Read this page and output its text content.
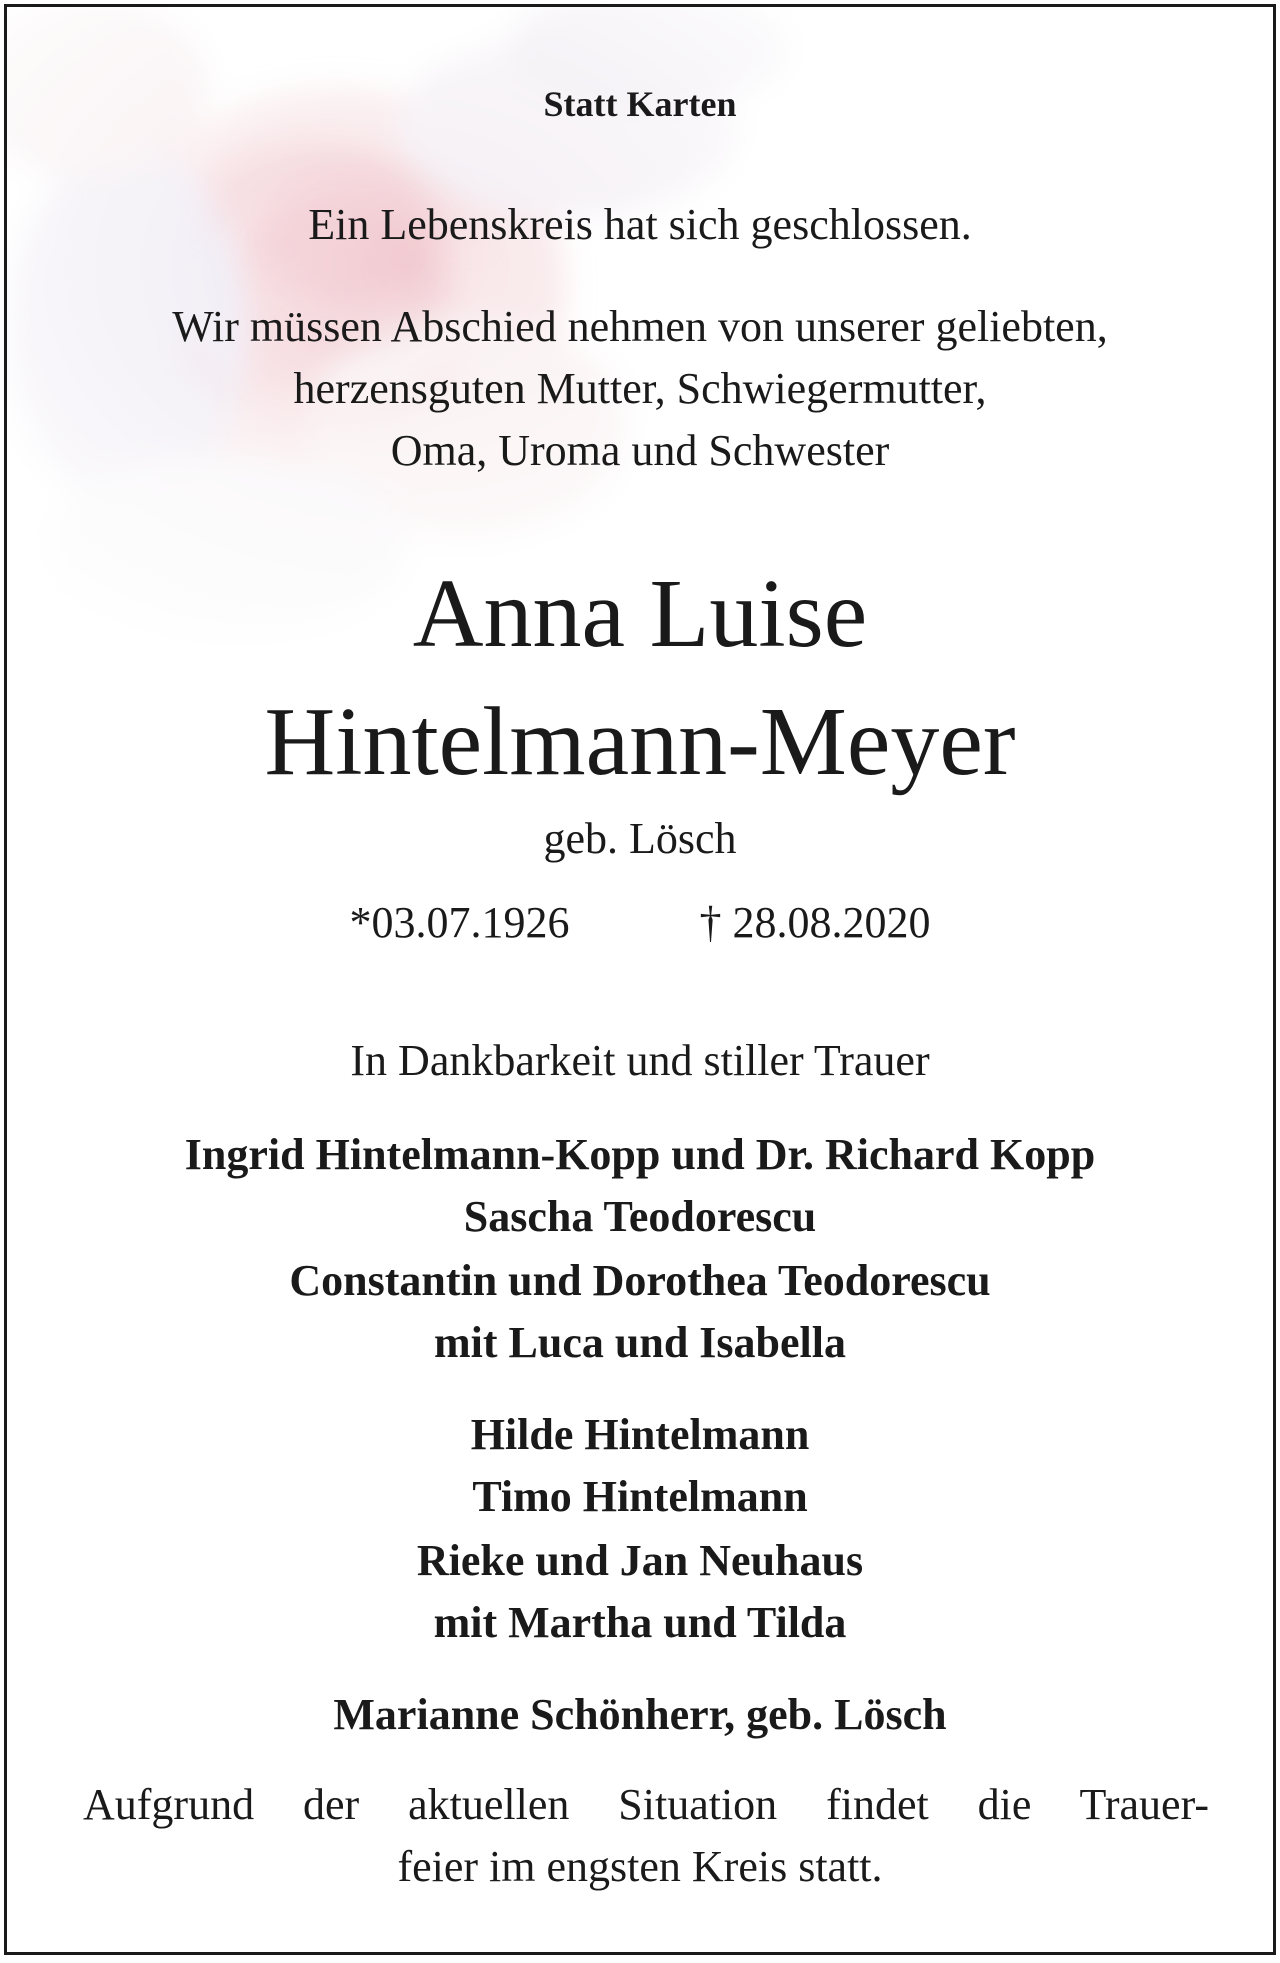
Statt Karten
Ein Lebenskreis hat sich geschlossen.
Wir müssen Abschied nehmen von unserer geliebten,
herzensguten Mutter, Schwiegermutter,
Oma, Uroma und Schwester
Anna Luise
Hintelmann-Meyer
geb. Lösch
*03.07.1926	† 28.08.2020
In Dankbarkeit und stiller Trauer
Ingrid Hintelmann-Kopp und Dr. Richard Kopp
Sascha Teodorescu
Constantin und Dorothea Teodorescu
mit Luca und Isabella
Hilde Hintelmann
Timo Hintelmann
Rieke und Jan Neuhaus
mit Martha und Tilda
Marianne Schönherr, geb. Lösch
Aufgrund der aktuellen Situation findet die Trauer-
feier im engsten Kreis statt.
